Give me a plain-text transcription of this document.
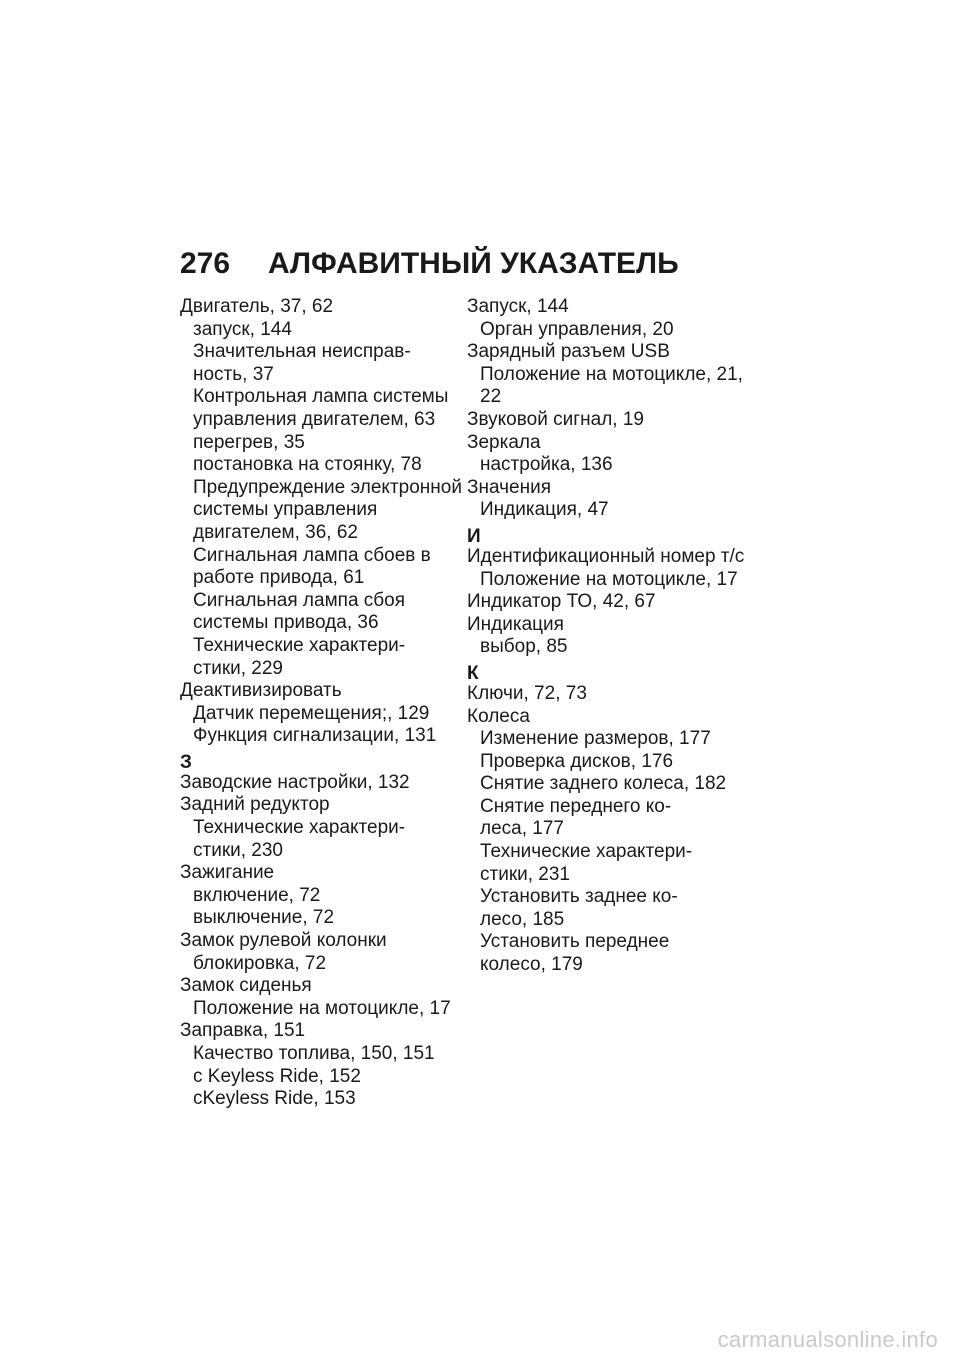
276 АЛФАВИТНЫЙ УКАЗАТЕЛЬ
Двигатель, 37, 62
запуск, 144
Значительная неисправ-
ность, 37
Контрольная лампа системы
управления двигателем, 63
перегрев, 35
постановка на стоянку, 78
Предупреждение электронной
системы управления
двигателем, 36, 62
Сигнальная лампа сбоев в
работе привода, 61
Сигнальная лампа сбоя
системы привода, 36
Технические характери-
стики, 229
Деактивизировать
Датчик перемещения;, 129
Функция сигнализации, 131
З
Заводские настройки, 132
Задний редуктор
Технические характери-
стики, 230
Зажигание
включение, 72
выключение, 72
Замок рулевой колонки
блокировка, 72
Замок сиденья
Положение на мотоцикле, 17
Заправка, 151
Качество топлива, 150, 151
с Keyless Ride, 152
cKeyless Ride, 153
Запуск, 144
Орган управления, 20
Зарядный разъем USB
Положение на мотоцикле, 21,
22
Звуковой сигнал, 19
Зеркала
настройка, 136
Значения
Индикация, 47
И
Идентификационный номер т/с
Положение на мотоцикле, 17
Индикатор ТО, 42, 67
Индикация
выбор, 85
К
Ключи, 72, 73
Колеса
Изменение размеров, 177
Проверка дисков, 176
Снятие заднего колеса, 182
Снятие переднего ко-
леса, 177
Технические характери-
стики, 231
Установить заднее ко-
лесо, 185
Установить переднее
колесо, 179
carmanualsonline.info
